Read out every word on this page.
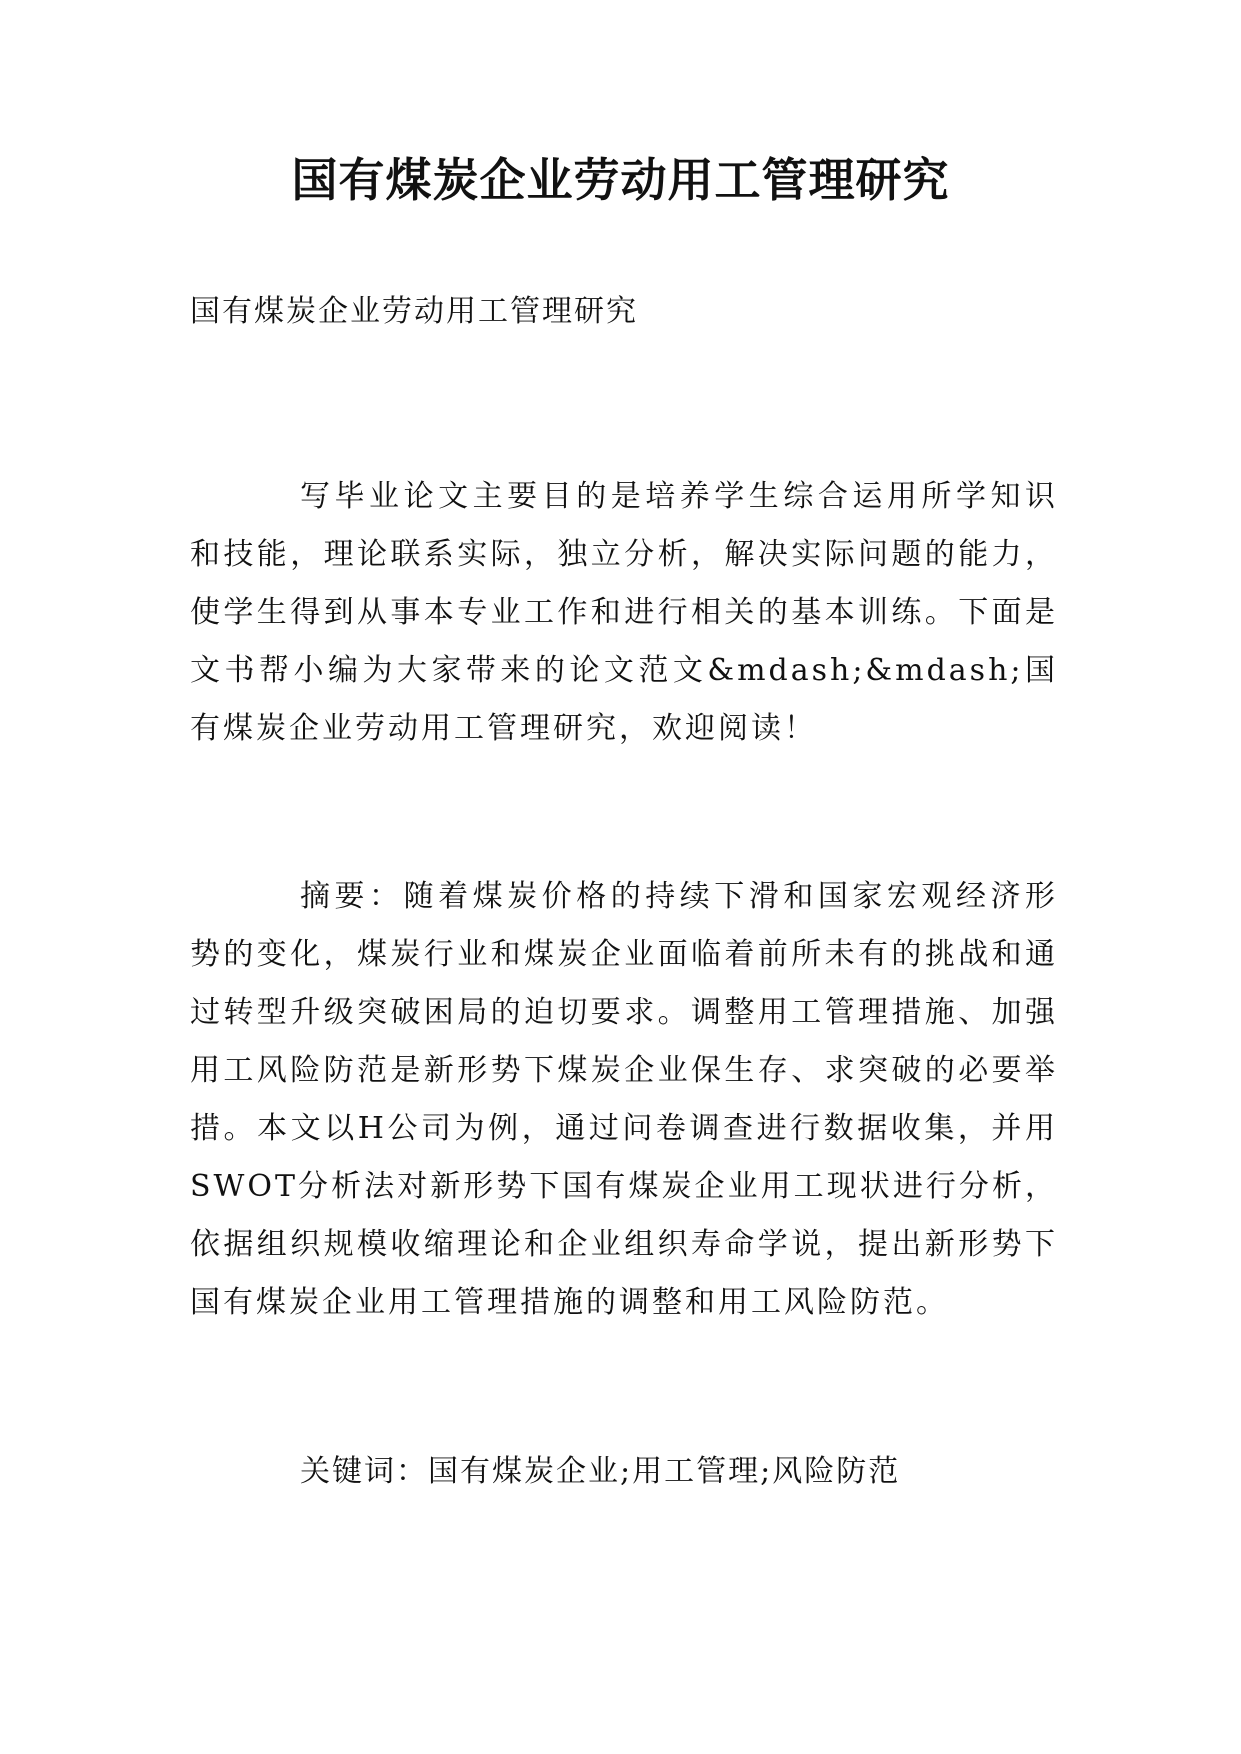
国有煤炭企业劳动用工管理研究
国有煤炭企业劳动用工管理研究

写毕业论文主要目的是培养学生综合运用所学知识和技能，理论联系实际，独立分析，解决实际问题的能力，使学生得到从事本专业工作和进行相关的基本训练。下面是文书帮小编为大家带来的论文范文&mdash;&mdash;国有煤炭企业劳动用工管理研究，欢迎阅读！

摘要：随着煤炭价格的持续下滑和国家宏观经济形势的变化，煤炭行业和煤炭企业面临着前所未有的挑战和通过转型升级突破困局的迫切要求。调整用工管理措施、加强用工风险防范是新形势下煤炭企业保生存、求突破的必要举措。本文以H公司为例，通过问卷调查进行数据收集，并用SWOT分析法对新形势下国有煤炭企业用工现状进行分析，依据组织规模收缩理论和企业组织寿命学说，提出新形势下国有煤炭企业用工管理措施的调整和用工风险防范。

关键词：国有煤炭企业;用工管理;风险防范
